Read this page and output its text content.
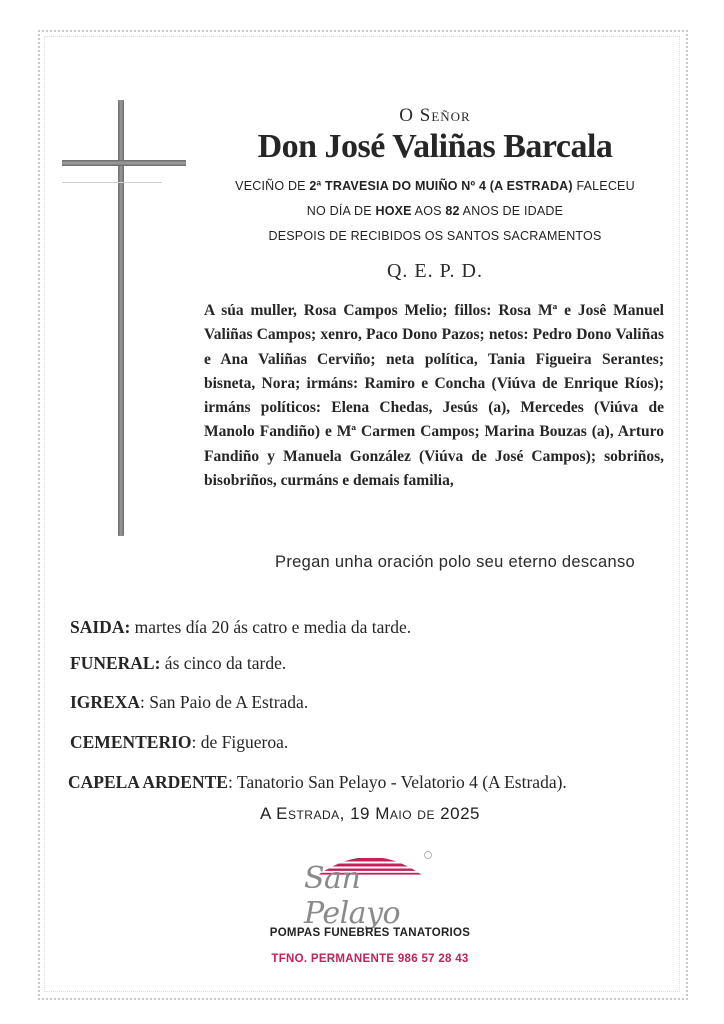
O Señor
Don José Valiñas Barcala
VECIÑO DE 2ª TRAVESIA DO MUIÑO Nº 4 (A ESTRADA) FALECEU
NO DÍA DE HOXE AOS 82 ANOS DE IDADE
DESPOIS DE RECIBIDOS OS SANTOS SACRAMENTOS
Q. E. P. D.
A súa muller, Rosa Campos Melio; fillos: Rosa Mª e Josê Manuel Valiñas Campos; xenro, Paco Dono Pazos; netos: Pedro Dono Valiñas e Ana Valiñas Cerviño; neta política, Tania Figueira Serantes; bisneta, Nora; irmáns: Ramiro e Concha (Viúva de Enrique Ríos); irmáns políticos: Elena Chedas, Jesús (a), Mercedes (Viúva de Manolo Fandiño) e Mª Carmen Campos; Marina Bouzas (a), Arturo Fandiño y Manuela González (Viúva de José Campos); sobriños, bisobriños, curmáns e demais familia,
Pregan unha oración polo seu eterno descanso
SAIDA: martes día 20 ás catro e media da tarde.
FUNERAL: ás cinco da tarde.
IGREXA: San Paio de A Estrada.
CEMENTERIO: de Figueroa.
CAPELA ARDENTE: Tanatorio San Pelayo - Velatorio 4 (A Estrada).
A Estrada, 19 Maio de 2025
San Pelayo
POMPAS FUNEBRES TANATORIOS
TFNO. PERMANENTE 986 57 28 43
